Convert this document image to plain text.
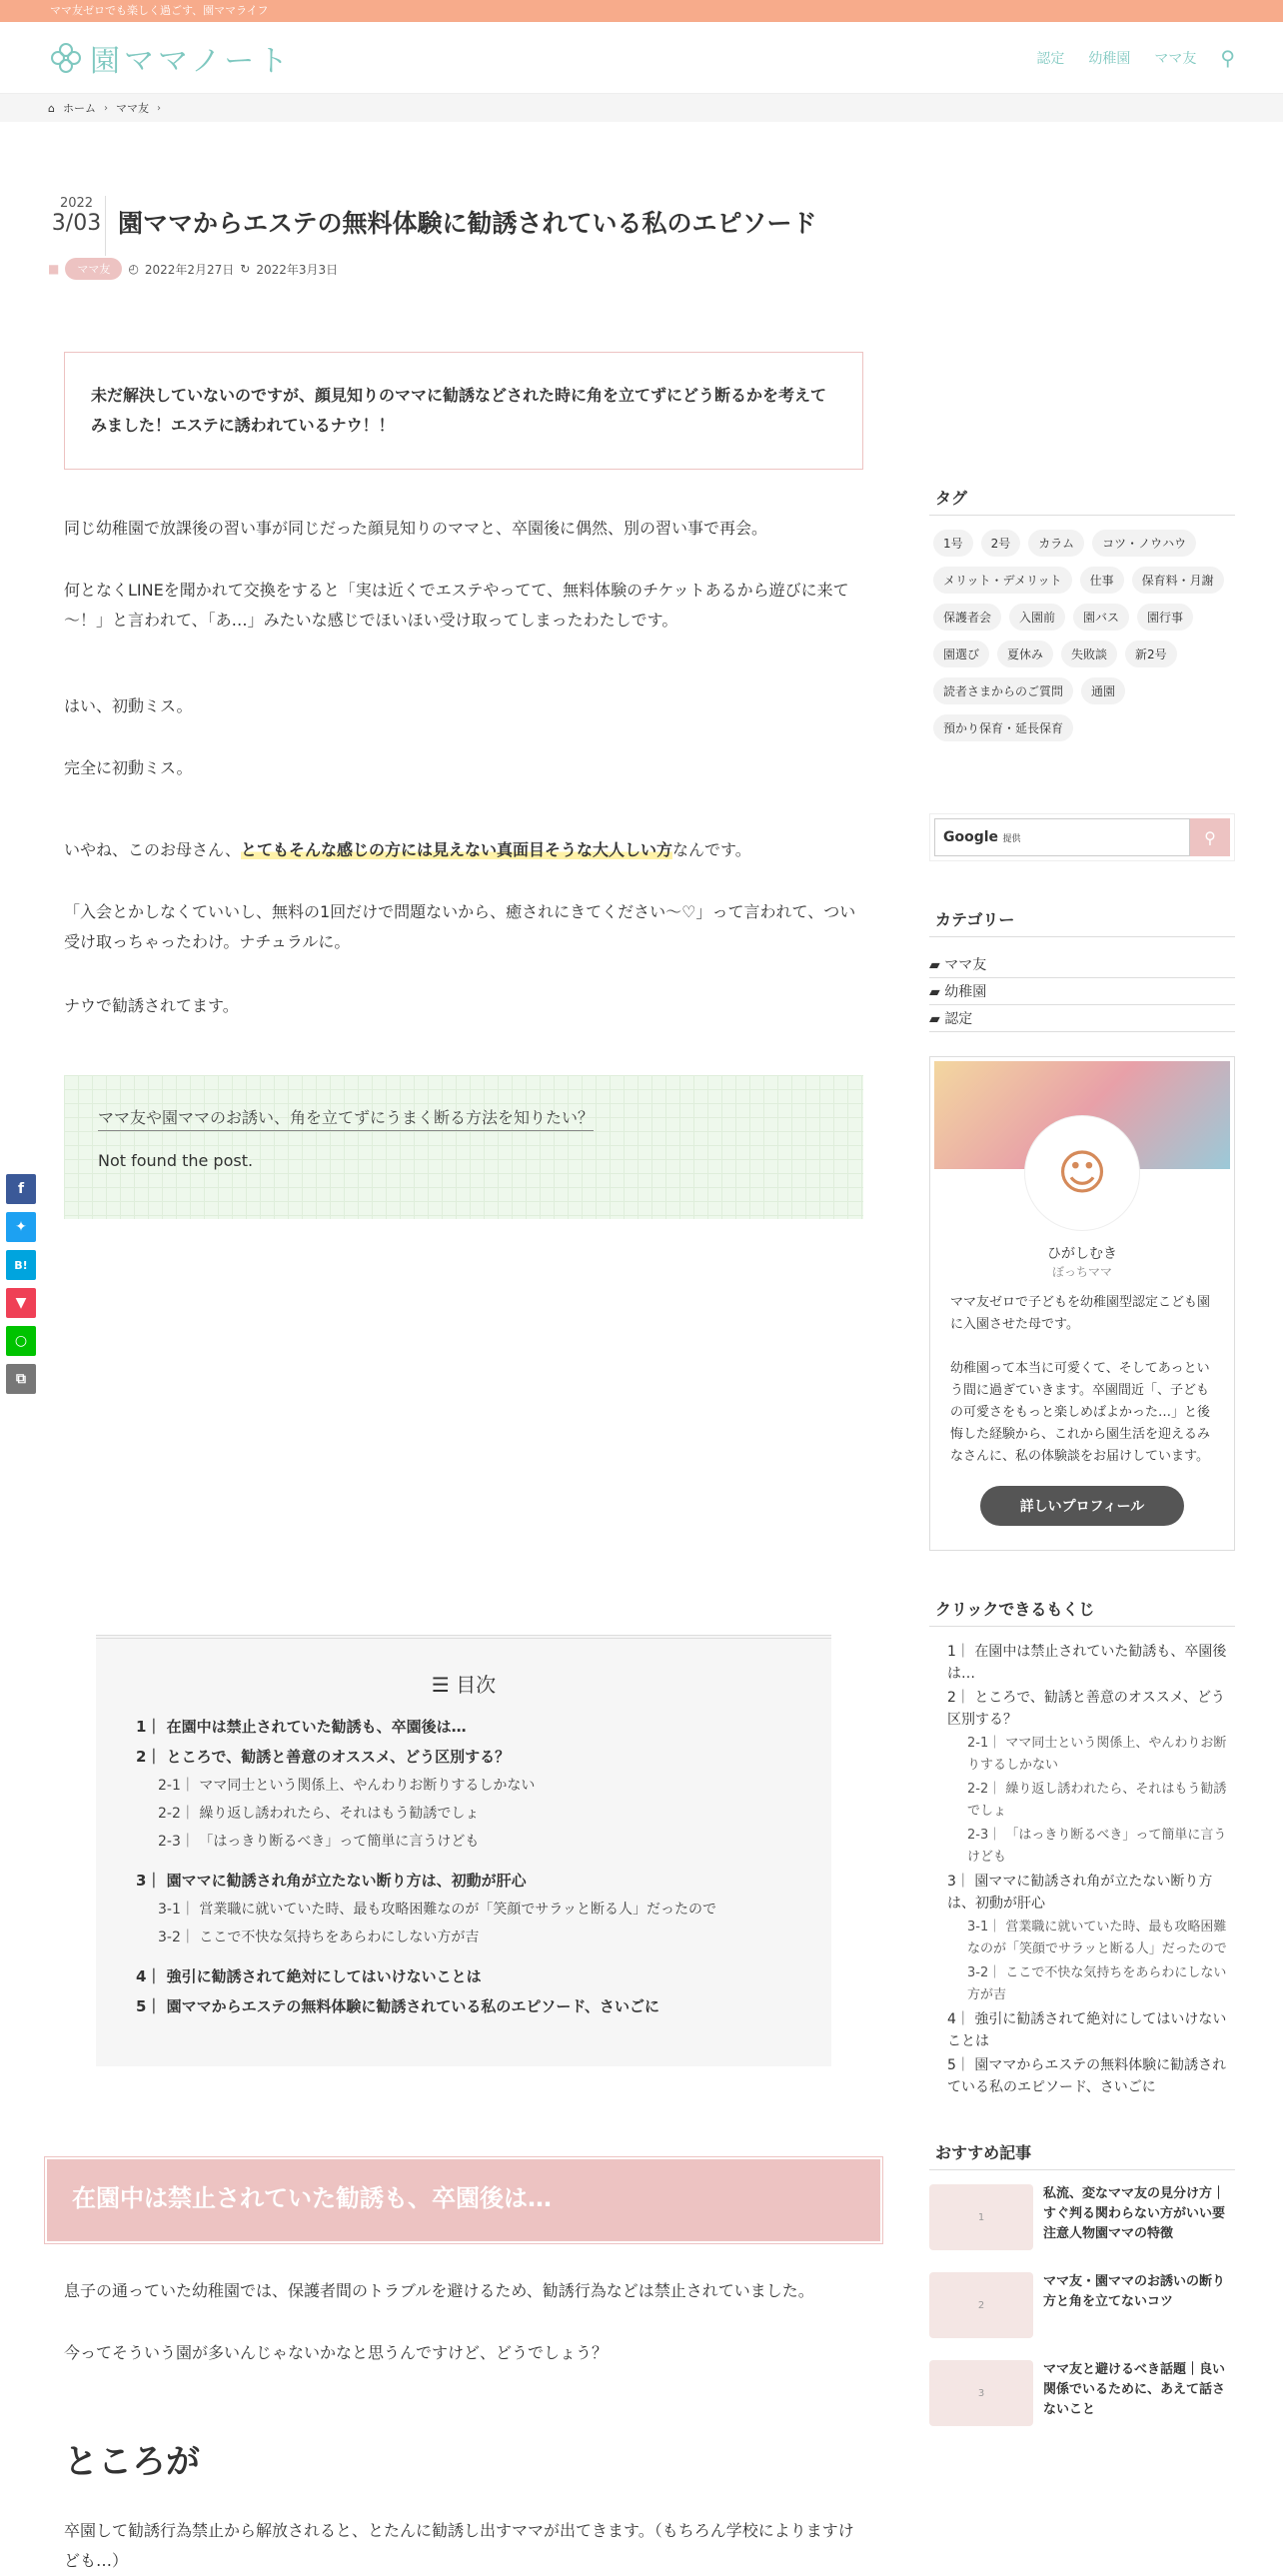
ママ友ゼロでも楽しく過ごす、園ママライフ
園ママノート	認定 幼稚園 ママ友 ⚲
⌂ ホーム › ママ友 ›
2022
3/03 園ママからエステの無料体験に勧誘されている私のエピソード
■	ママ友	◴ 2022年2月27日 ↻ 2022年3月3日
未だ解決していないのですが、顔見知りのママに勧誘などされた時に角を立てずにどう断るかを考えてみました！エステに誘われているナウ！！

同じ幼稚園で放課後の習い事が同じだった顔見知りのママと、卒園後に偶然、別の習い事で再会。

何となくLINEを聞かれて交換をすると「実は近くでエステやってて、無料体験のチケットあるから遊びに来て～！」と言われて、「あ…」みたいな感じでほいほい受け取ってしまったわたしです。

はい、初動ミス。

完全に初動ミス。

いやね、このお母さん、とてもそんな感じの方には見えない真面目そうな大人しい方なんです。

「入会とかしなくていいし、無料の1回だけで問題ないから、癒されにきてください～♡」って言われて、つい受け取っちゃったわけ。ナチュラルに。

ナウで勧誘されてます。

ママ友や園ママのお誘い、角を立てずにうまく断る方法を知りたい？
Not found the post.
☰ 目次
1｜ 在園中は禁止されていた勧誘も、卒園後は…
2｜ ところで、勧誘と善意のオススメ、どう区別する？
2-1｜ ママ同士という関係上、やんわりお断りするしかない
2-2｜ 繰り返し誘われたら、それはもう勧誘でしょ
2-3｜ 「はっきり断るべき」って簡単に言うけども
3｜ 園ママに勧誘され角が立たない断り方は、初動が肝心
3-1｜ 営業職に就いていた時、最も攻略困難なのが「笑顔でサラッと断る人」だったので
3-2｜ ここで不快な気持ちをあらわにしない方が吉
4｜ 強引に勧誘されて絶対にしてはいけないことは
5｜ 園ママからエステの無料体験に勧誘されている私のエピソード、さいごに
在園中は禁止されていた勧誘も、卒園後は…

息子の通っていた幼稚園では、保護者間のトラブルを避けるため、勧誘行為などは禁止されていました。

今ってそういう園が多いんじゃないかなと思うんですけど、どうでしょう？

ところが

卒園して勧誘行為禁止から解放されると、とたんに勧誘し出すママが出てきます。（もちろん学校によりますけども…）

f
✦
B!
▼
○
⧉
タグ
1号	2号	カラム	コツ・ノウハウ
メリット・デメリット	仕事	保育料・月謝
保護者会	入園前	園バス	園行事
園選び	夏休み	失敗談	新2号
読者さまからのご質問	通園
預かり保育・延長保育
Google
提供	⚲
カテゴリー
▰ ママ友
▰ 幼稚園
▰ 認定
☺
ひがしむき
ぼっちママ

ママ友ゼロで子どもを幼稚園型認定こども園に入園させた母です。

幼稚園って本当に可愛くて、そしてあっという間に過ぎていきます。卒園間近「、子どもの可愛さをもっと楽しめばよかった…」と後悔した経験から、これから園生活を迎えるみなさんに、私の体験談をお届けしています。

詳しいプロフィール
クリックできるもくじ
1｜ 在園中は禁止されていた勧誘も、卒園後は…
2｜ ところで、勧誘と善意のオススメ、どう区別する？
2-1｜ ママ同士という関係上、やんわりお断りするしかない
2-2｜ 繰り返し誘われたら、それはもう勧誘でしょ
2-3｜ 「はっきり断るべき」って簡単に言うけども
3｜ 園ママに勧誘され角が立たない断り方は、初動が肝心
3-1｜ 営業職に就いていた時、最も攻略困難なのが「笑顔でサラッと断る人」だったので
3-2｜ ここで不快な気持ちをあらわにしない方が吉
4｜ 強引に勧誘されて絶対にしてはいけないことは
5｜ 園ママからエステの無料体験に勧誘されている私のエピソード、さいごに
おすすめ記事
1
私流、変なママ友の見分け方｜すぐ判る関わらない方がいい要注意人物園ママの特徴
2
ママ友・園ママのお誘いの断り方と角を立てないコツ
3
ママ友と避けるべき話題｜良い関係でいるために、あえて話さないこと
